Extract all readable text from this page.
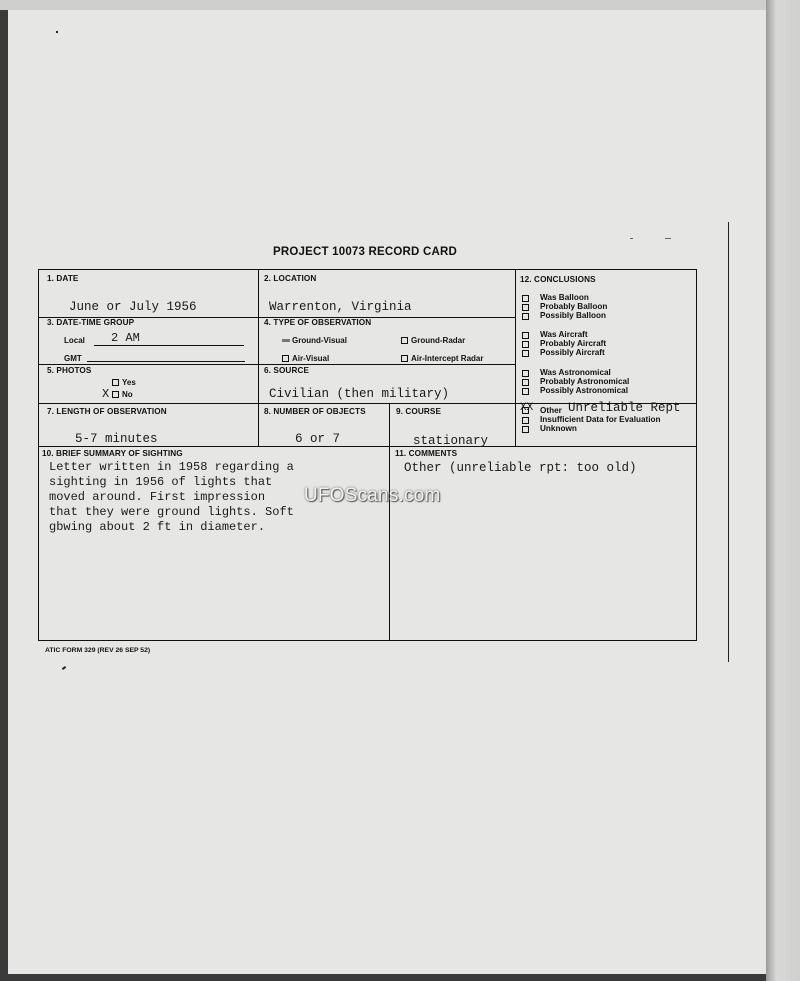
PROJECT 10073 RECORD CARD
1. DATE
June or July 1956
2. LOCATION
Warrenton, Virginia
3. DATE-TIME GROUP
Local 2 AM
GMT
4. TYPE OF OBSERVATION
Ground-Visual	Ground-Radar
Air-Visual	Air-Intercept Radar
5. PHOTOS
Yes
X No
6. SOURCE
Civilian (then military)
7. LENGTH OF OBSERVATION
5-7 minutes
8. NUMBER OF OBJECTS
6 or 7
9. COURSE
stationary
10. BRIEF SUMMARY OF SIGHTING
Letter written in 1958 regarding a
sighting in 1956 of lights that
moved around. First impression
that they were ground lights. Soft
gbwing about 2 ft in diameter.
11. COMMENTS
Other (unreliable rpt: too old)
12. CONCLUSIONS
Was Balloon
Probably Balloon
Possibly Balloon
Was Aircraft
Probably Aircraft
Possibly Aircraft
Was Astronomical
Probably Astronomical
Possibly Astronomical
XX Other Unreliable Rept
Insufficient Data for Evaluation
Unknown
ATIC FORM 329 (REV 26 SEP 52)
UFOScans.com
